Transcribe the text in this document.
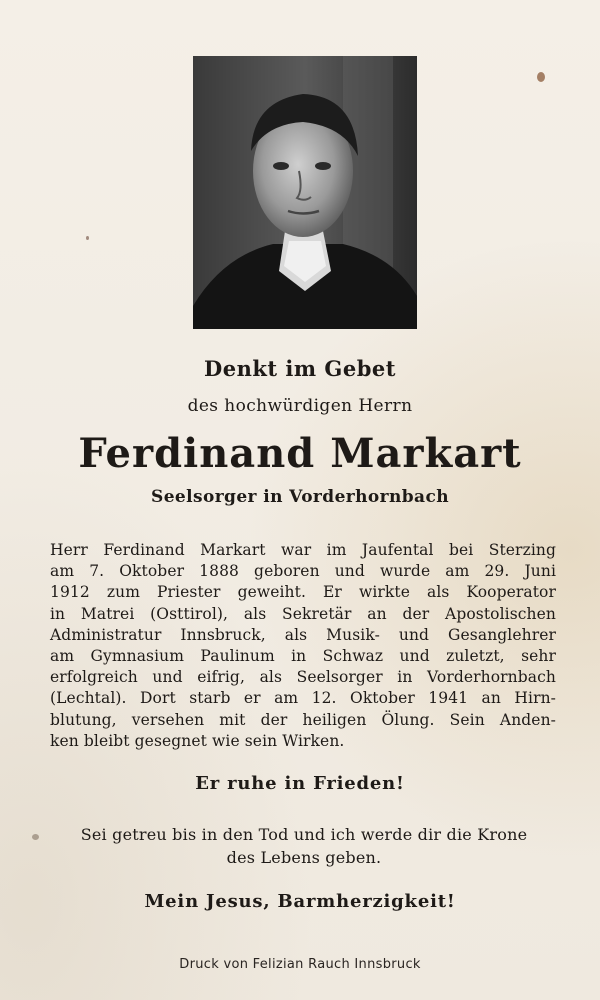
Denkt im Gebet
des hochwürdigen Herrn
Ferdinand Markart
Seelsorger in Vorderhornbach
Herr Ferdinand Markart war im Jaufental bei Sterzing
am 7. Oktober 1888 geboren und wurde am 29. Juni
1912 zum Priester geweiht. Er wirkte als Kooperator
in Matrei (Osttirol), als Sekretär an der Apostolischen
Administratur Innsbruck, als Musik- und Gesanglehrer
am Gymnasium Paulinum in Schwaz und zuletzt, sehr
erfolgreich und eifrig, als Seelsorger in Vorderhornbach
(Lechtal). Dort starb er am 12. Oktober 1941 an Hirn-
blutung, versehen mit der heiligen Ölung. Sein Anden-
ken bleibt gesegnet wie sein Wirken.
Er ruhe in Frieden!
Sei getreu bis in den Tod und ich werde dir die Krone
des Lebens geben.
Mein Jesus, Barmherzigkeit!
Druck von Felizian Rauch Innsbruck
